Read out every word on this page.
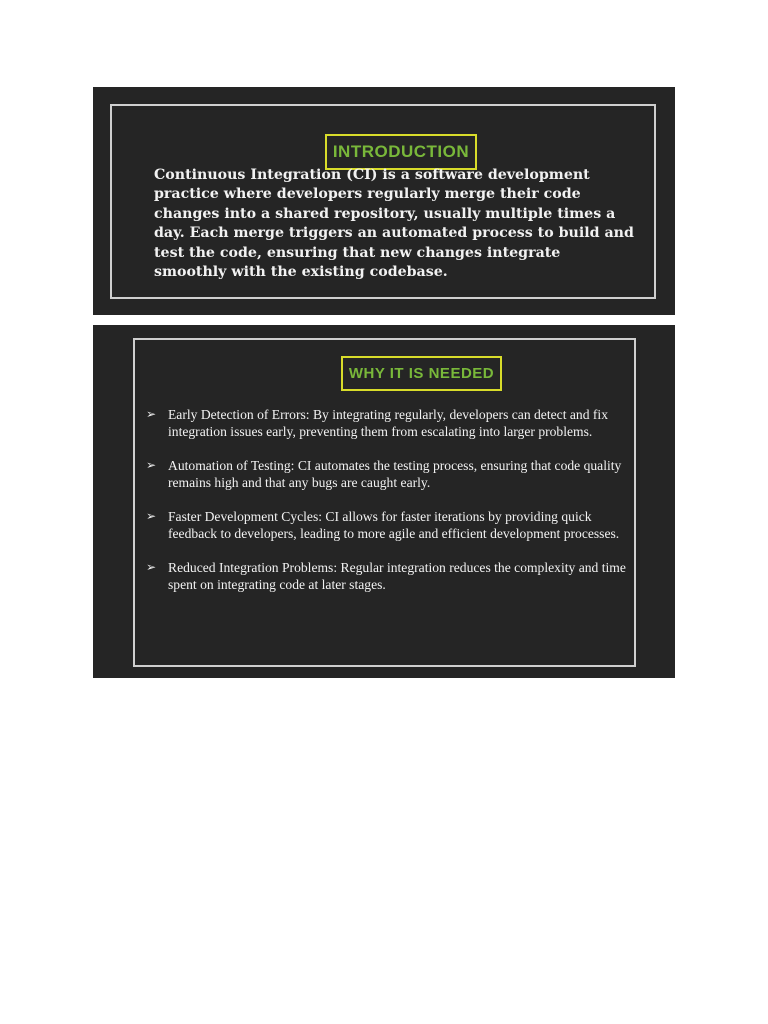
INTRODUCTION
Continuous Integration (CI) is a software development practice where developers regularly merge their code changes into a shared repository, usually multiple times a day. Each merge triggers an automated process to build and test the code, ensuring that new changes integrate smoothly with the existing codebase.
WHY IT IS NEEDED
➢ Early Detection of Errors: By integrating regularly, developers can detect and fix integration issues early, preventing them from escalating into larger problems.
➢ Automation of Testing: CI automates the testing process, ensuring that code quality remains high and that any bugs are caught early.
➢ Faster Development Cycles: CI allows for faster iterations by providing quick feedback to developers, leading to more agile and efficient development processes.
➢ Reduced Integration Problems: Regular integration reduces the complexity and time spent on integrating code at later stages.
